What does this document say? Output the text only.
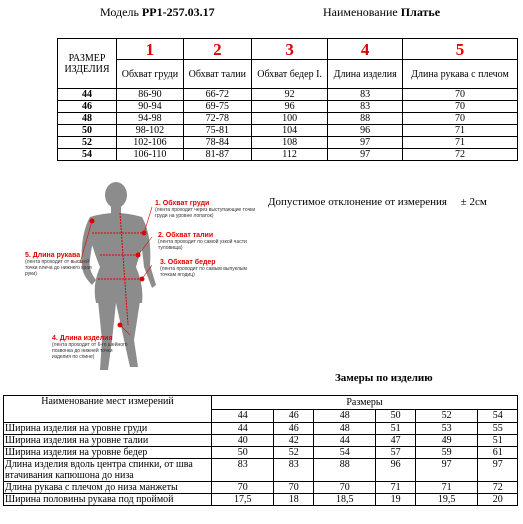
Модель РР1-257.03.17	Наименование Платье
РАЗМЕР ИЗДЕЛИЯ	1	2	3	4	5
	Обхват груди	Обхват талии	Обхват бедер I.	Длина изделия	Длина рукава с плечом
44	86-90	66-72	92	83	70
46	90-94	69-75	96	83	70
48	94-98	72-78	100	88	70
50	98-102	75-81	104	96	71
52	102-106	78-84	108	97	71
54	106-110	81-87	112	97	72
1. Обхват груди
(лента проходит через выступающие точки груди на уровне лопаток)
2. Обхват талии
(лента проходит по самой узкой части туловища)
3. Обхват бедер
(лента проходит по самым выпуклым точкам ягодиц)
5. Длина рукава
(лента проходит от высшей точки плеча до нижнего края руки)
4. Длина изделия
(лента проходит от 6-го шейного позвонка до нижней точки изделия по спине)
Допустимое отклонение от измерения ± 2см
Замеры по изделию
Наименование мест измерений	Размеры					
	44	46	48	50	52	54
Ширина изделия на уровне груди	44	46	48	51	53	55
Ширина изделия на уровне талии	40	42	44	47	49	51
Ширина изделия на уровне бедер	50	52	54	57	59	61
Длина изделия вдоль центра спинки, от шва втачивания капюшона до низа	83	83	88	96	97	97
Длина рукава с плечом до низа манжеты	70	70	70	71	71	72
Ширина половины рукава под проймой	17,5	18	18,5	19	19,5	20
